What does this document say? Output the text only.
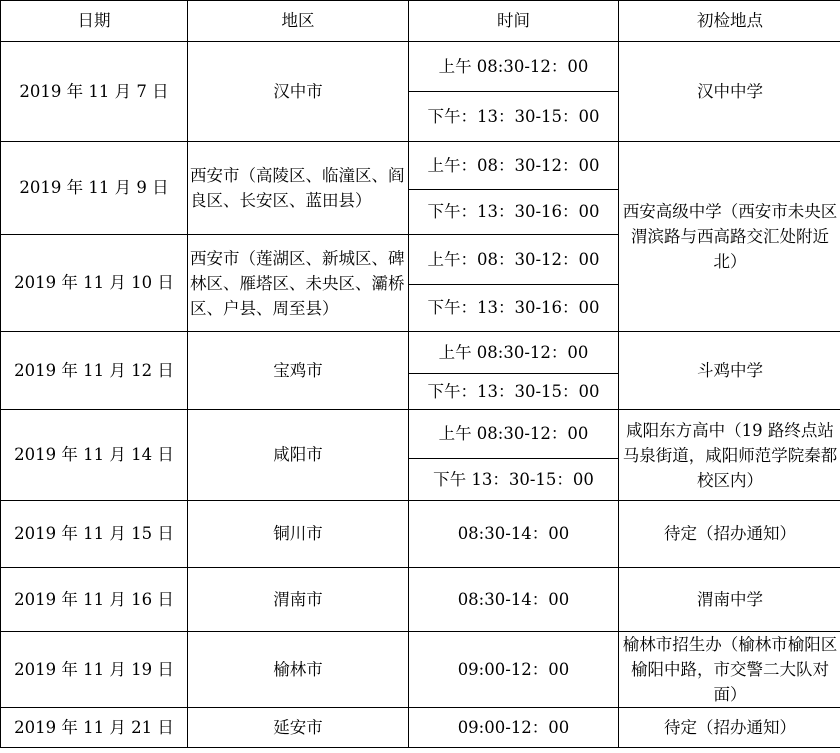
日期	地区	时间	初检地点
2019 年 11 月 7 日	汉中市	上午 08:30-12：00	汉中中学
		下午：13：30-15：00	
2019 年 11 月 9 日	西安市（高陵区、临潼区、阎良区、长安区、蓝田县）	上午：08：30-12：00	西安高级中学（西安市未央区渭滨路与西高路交汇处附近北）
		下午：13：30-16：00	
2019 年 11 月 10 日	西安市（莲湖区、新城区、碑林区、雁塔区、未央区、灞桥区、户县、周至县）	上午：08：30-12：00	
		下午：13：30-16：00	
2019 年 11 月 12 日	宝鸡市	上午 08:30-12：00	斗鸡中学
		下午：13：30-15：00	
2019 年 11 月 14 日	咸阳市	上午 08:30-12：00	咸阳东方高中（19 路终点站马泉街道，咸阳师范学院秦都校区内）
		下午 13：30-15：00	
2019 年 11 月 15 日	铜川市	08:30-14：00	待定（招办通知）
2019 年 11 月 16 日	渭南市	08:30-14：00	渭南中学
2019 年 11 月 19 日	榆林市	09:00-12：00	榆林市招生办（榆林市榆阳区榆阳中路，市交警二大队对面）
2019 年 11 月 21 日	延安市	09:00-12：00	待定（招办通知）
